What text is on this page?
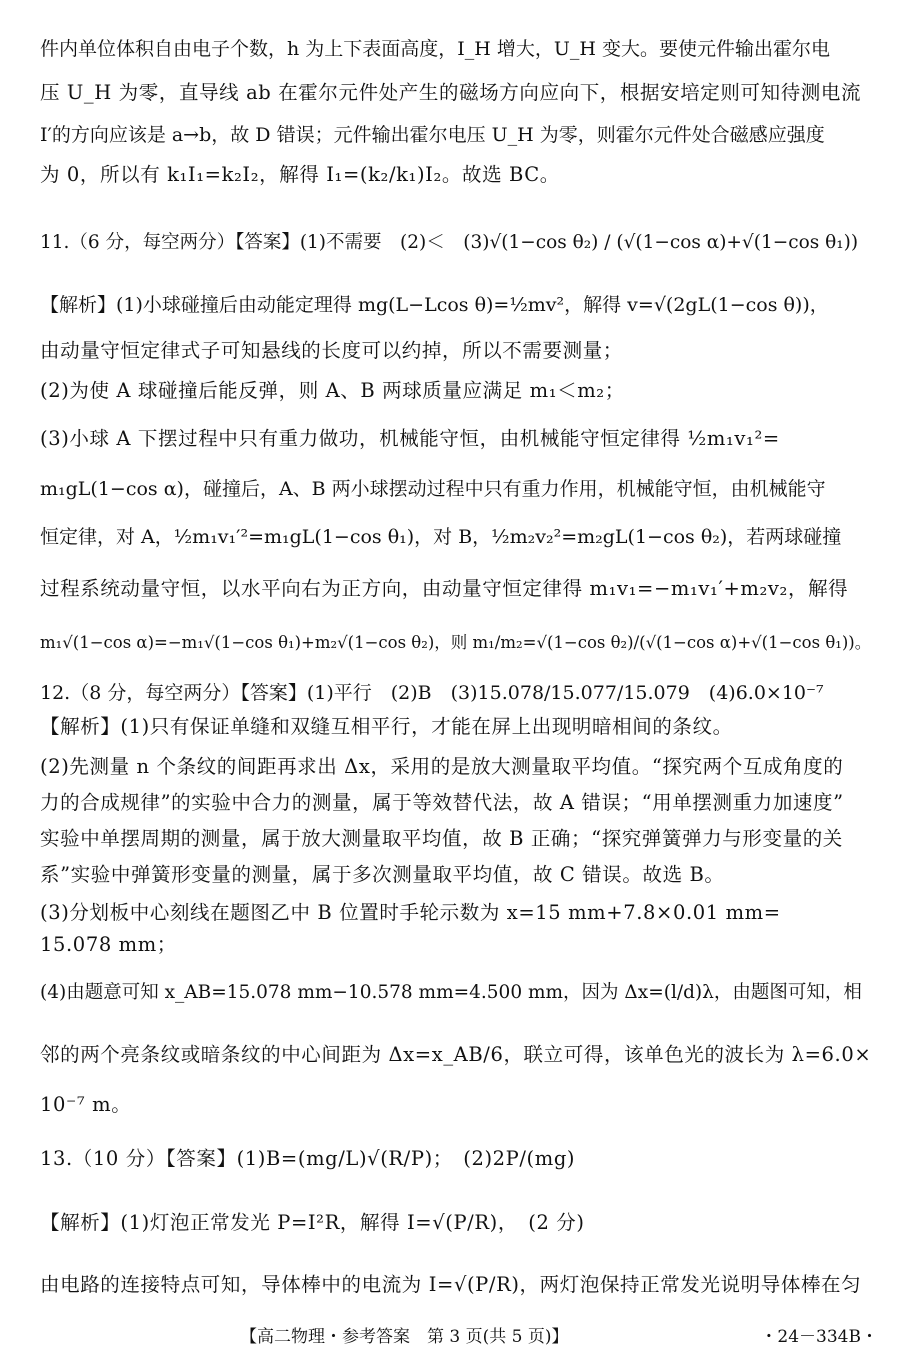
件内单位体积自由电子个数，h 为上下表面高度，I_H 增大，U_H 变大。要使元件输出霍尔电
压 U_H 为零，直导线 ab 在霍尔元件处产生的磁场方向应向下，根据安培定则可知待测电流
I′的方向应该是 a→b，故 D 错误；元件输出霍尔电压 U_H 为零，则霍尔元件处合磁感应强度
为 0，所以有 k₁I₁=k₂I₂，解得 I₁=(k₂/k₁)I₂。故选 BC。
11.（6 分，每空两分）【答案】(1)不需要　(2)＜　(3)√(1−cos θ₂) / (√(1−cos α)+√(1−cos θ₁))
【解析】(1)小球碰撞后由动能定理得 mg(L−Lcos θ)=½mv²，解得 v=√(2gL(1−cos θ))，
由动量守恒定律式子可知悬线的长度可以约掉，所以不需要测量；
(2)为使 A 球碰撞后能反弹，则 A、B 两球质量应满足 m₁＜m₂；
(3)小球 A 下摆过程中只有重力做功，机械能守恒，由机械能守恒定律得 ½m₁v₁²=
m₁gL(1−cos α)，碰撞后，A、B 两小球摆动过程中只有重力作用，机械能守恒，由机械能守
恒定律，对 A，½m₁v₁′²=m₁gL(1−cos θ₁)，对 B，½m₂v₂²=m₂gL(1−cos θ₂)，若两球碰撞
过程系统动量守恒，以水平向右为正方向，由动量守恒定律得 m₁v₁=−m₁v₁′+m₂v₂，解得
m₁√(1−cos α)=−m₁√(1−cos θ₁)+m₂√(1−cos θ₂)，则 m₁/m₂=√(1−cos θ₂)/(√(1−cos α)+√(1−cos θ₁))。
12.（8 分，每空两分）【答案】(1)平行　(2)B　(3)15.078/15.077/15.079　(4)6.0×10⁻⁷
【解析】(1)只有保证单缝和双缝互相平行，才能在屏上出现明暗相间的条纹。
(2)先测量 n 个条纹的间距再求出 Δx，采用的是放大测量取平均值。“探究两个互成角度的
力的合成规律”的实验中合力的测量，属于等效替代法，故 A 错误；“用单摆测重力加速度”
实验中单摆周期的测量，属于放大测量取平均值，故 B 正确；“探究弹簧弹力与形变量的关
系”实验中弹簧形变量的测量，属于多次测量取平均值，故 C 错误。故选 B。
(3)分划板中心刻线在题图乙中 B 位置时手轮示数为 x=15 mm+7.8×0.01 mm=
15.078 mm；
(4)由题意可知 x_AB=15.078 mm−10.578 mm=4.500 mm，因为 Δx=(l/d)λ，由题图可知，相
邻的两个亮条纹或暗条纹的中心间距为 Δx=x_AB/6，联立可得，该单色光的波长为 λ=6.0×
10⁻⁷ m。
13.（10 分）【答案】(1)B=(mg/L)√(R/P)；　(2)2P/(mg)
【解析】(1)灯泡正常发光 P=I²R，解得 I=√(P/R)，　(2 分)
由电路的连接特点可知，导体棒中的电流为 I=√(P/R)，两灯泡保持正常发光说明导体棒在匀
【高二物理・参考答案　第 3 页(共 5 页)】	・24－334B・
